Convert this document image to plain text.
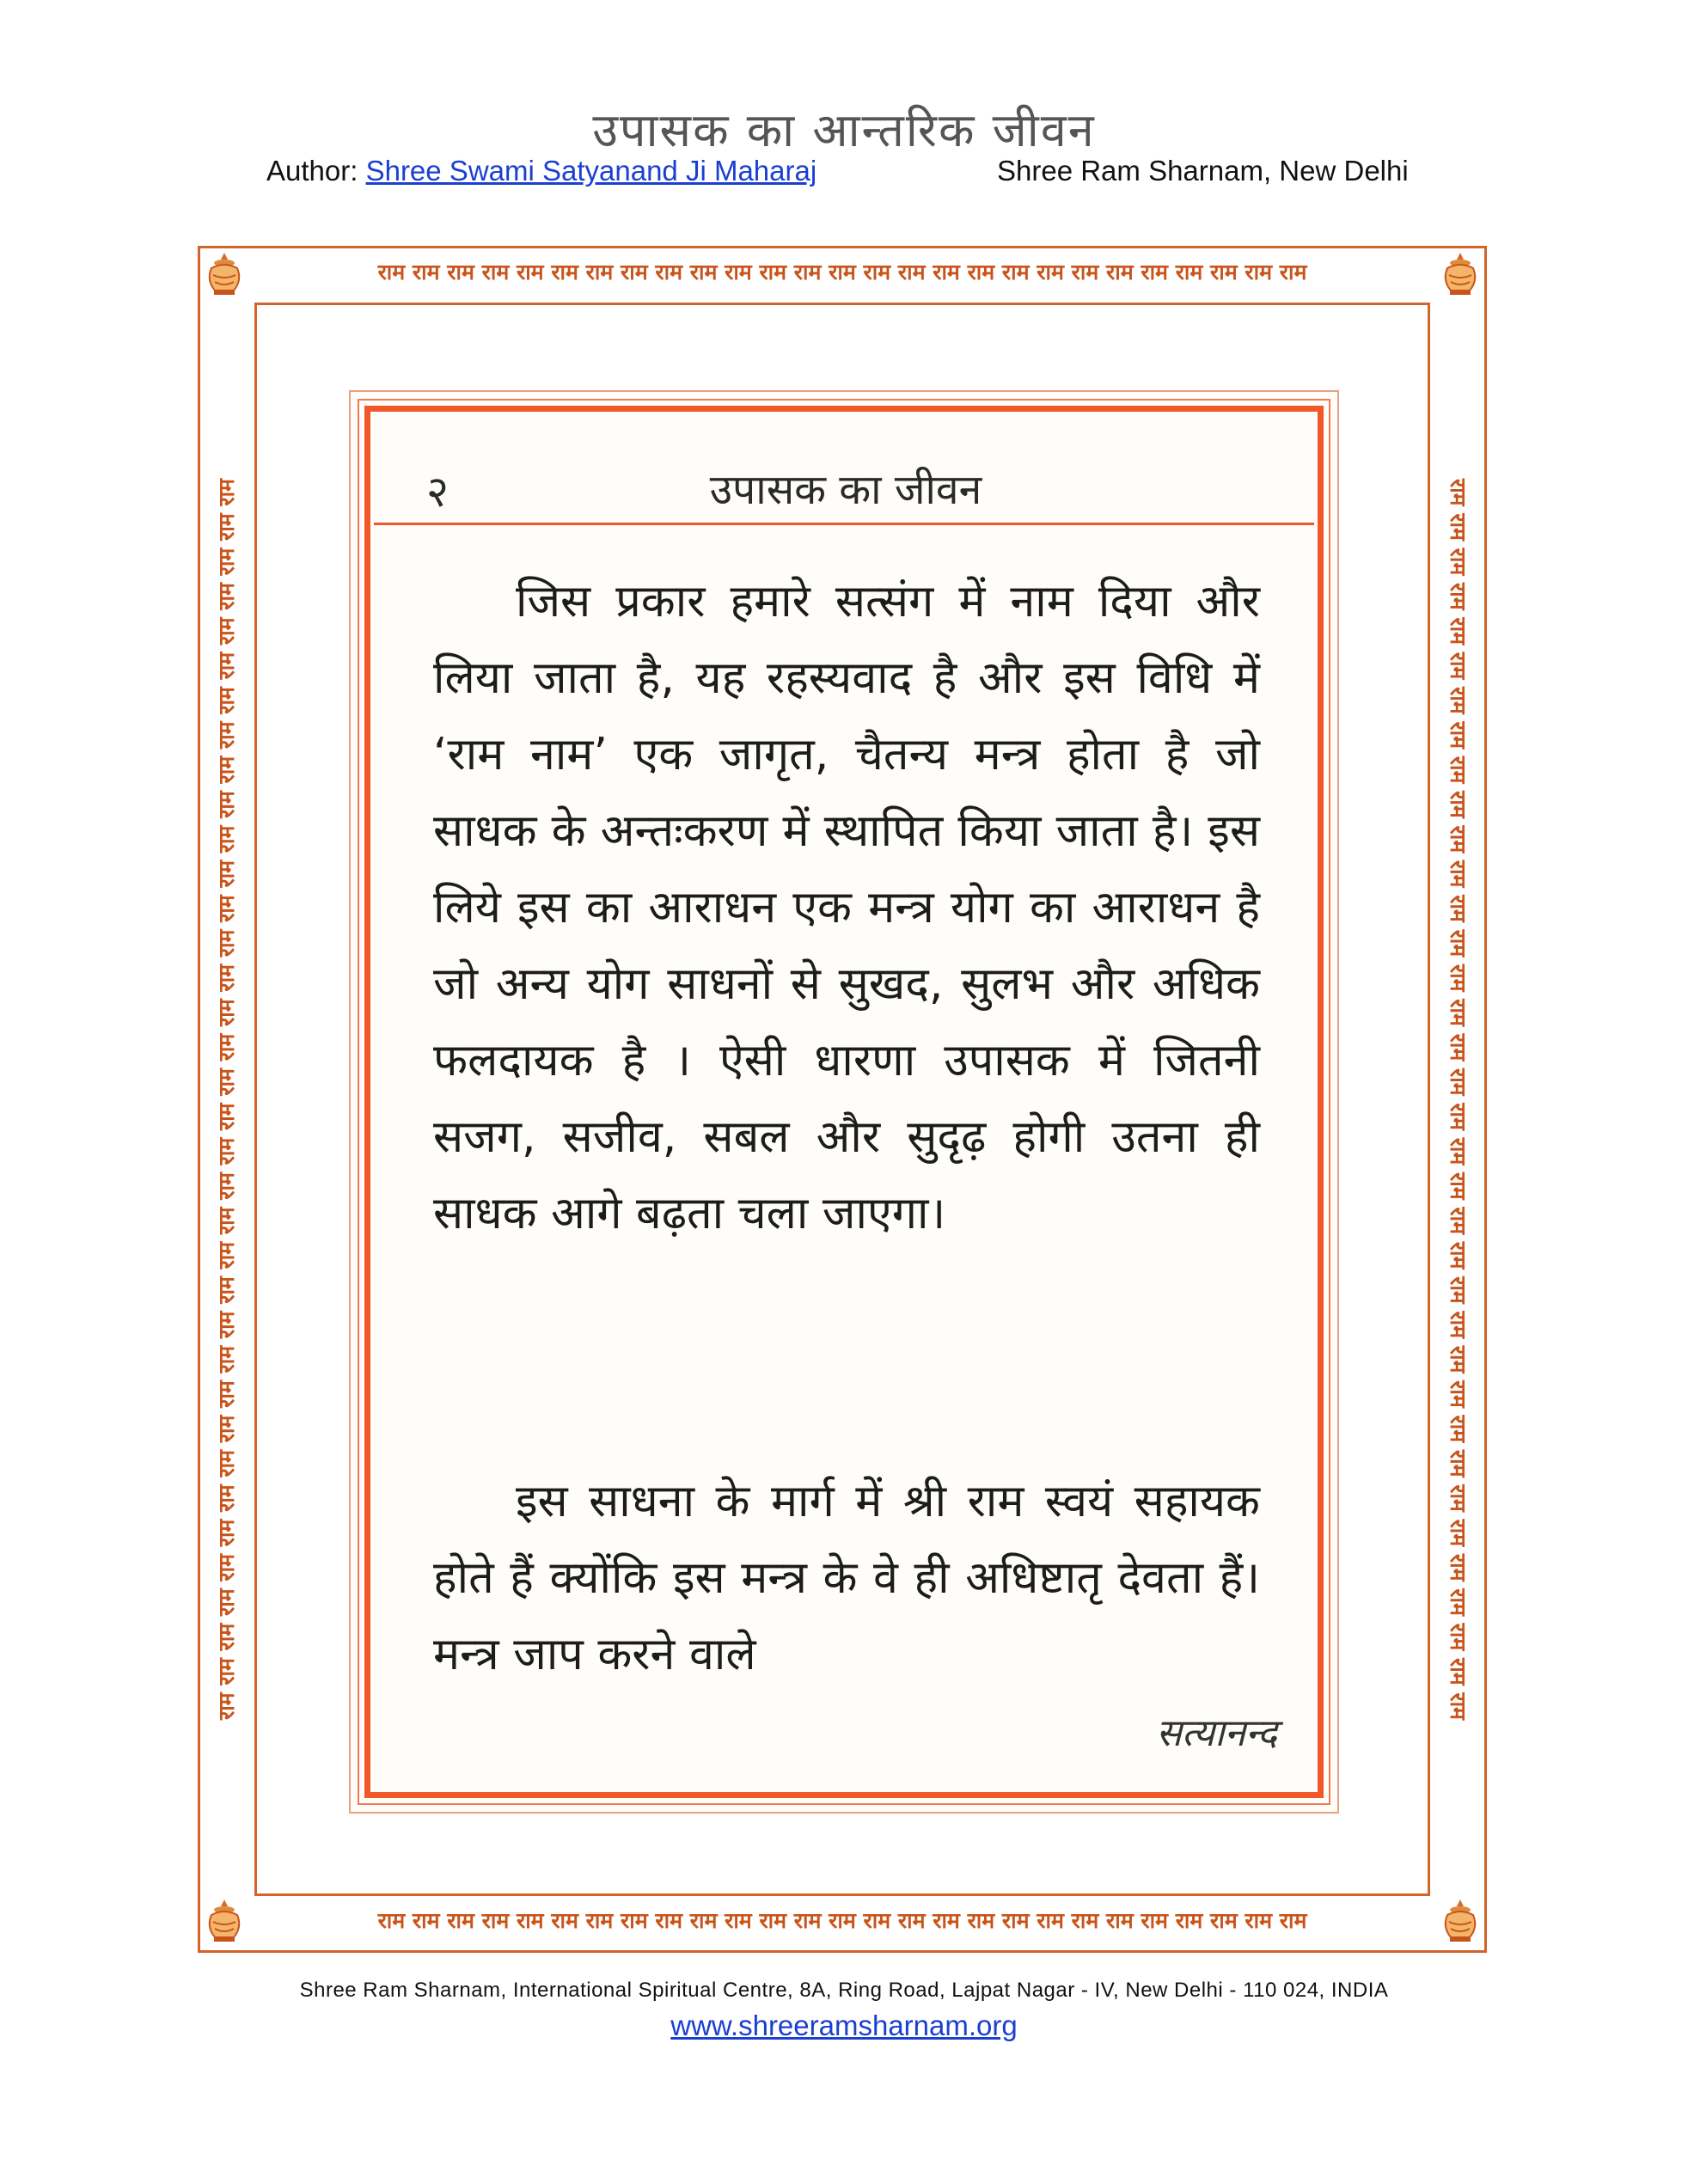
उपासक का आन्तरिक जीवन
Author: Shree Swami Satyanand Ji Maharaj	Shree Ram Sharnam, New Delhi
राम राम राम राम राम राम राम राम राम राम राम राम राम राम राम राम राम राम राम राम राम राम राम राम राम राम राम
राम राम राम राम राम राम राम राम राम राम राम राम राम राम राम राम राम राम राम राम राम राम राम राम राम राम राम
राम राम राम राम राम राम राम राम राम राम राम राम राम राम राम राम राम राम राम राम राम राम राम राम राम राम राम राम राम राम राम राम राम राम राम राम	राम राम राम राम राम राम राम राम राम राम राम राम राम राम राम राम राम राम राम राम राम राम राम राम राम राम राम राम राम राम राम राम राम राम राम राम
२	उपासक का जीवन
जिस प्रकार हमारे सत्संग में नाम दिया और लिया जाता है, यह रहस्यवाद है और इस विधि में ‘राम नाम’ एक जागृत, चैतन्य मन्त्र होता है जो साधक के अन्तःकरण में स्थापित किया जाता है। इस लिये इस का आराधन एक मन्त्र योग का आराधन है जो अन्य योग साधनों से सुखद, सुलभ और अधिक फलदायक है । ऐसी धारणा उपासक में जितनी सजग, सजीव, सबल और सुदृढ़ होगी उतना ही साधक आगे बढ़ता चला जाएगा।
इस साधना के मार्ग में श्री राम स्वयं सहायक होते हैं क्योंकि इस मन्त्र के वे ही अधिष्टातृ देवता हैं। मन्त्र जाप करने वाले
सत्यानन्द
Shree Ram Sharnam, International Spiritual Centre, 8A, Ring Road, Lajpat Nagar - IV, New Delhi - 110 024, INDIA
www.shreeramsharnam.org
